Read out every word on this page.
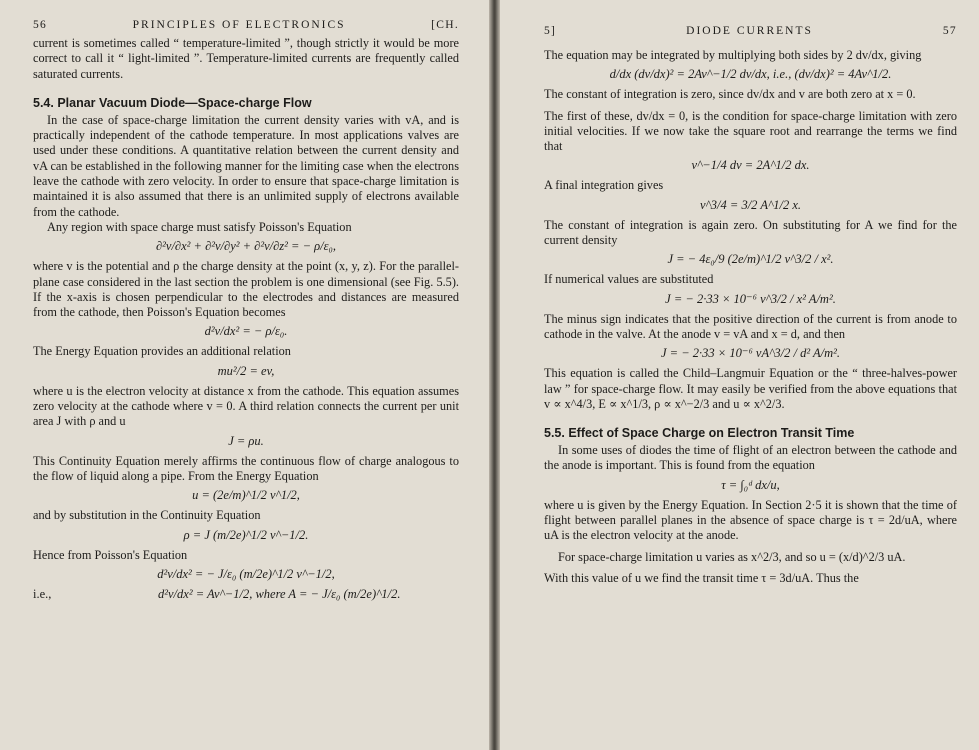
56	PRINCIPLES OF ELECTRONICS	[CH.

current is sometimes called “ temperature-limited ”, though strictly it would be more correct to call it “ light-limited ”. Temperature-limited currents are frequently called saturated currents.

5.4. Planar Vacuum Diode—Space-charge Flow

In the case of space-charge limitation the current density varies with vA, and is practically independent of the cathode temperature. In most applications valves are used under these conditions. A quantitative relation between the current density and vA can be established in the following manner for the limiting case when the electrons leave the cathode with zero velocity. In order to ensure that space-charge limitation is maintained it is also assumed that there is an unlimited supply of electrons available from the cathode.

Any region with space charge must satisfy Poisson's Equation

∂²v/∂x² + ∂²v/∂y² + ∂²v/∂z² = − ρ/ε₀,

where v is the potential and ρ the charge density at the point (x, y, z). For the parallel-plane case considered in the last section the problem is one dimensional (see Fig. 5.5). If the x-axis is chosen perpendicular to the electrodes and distances are measured from the cathode, then Poisson's Equation becomes

d²v/dx² = − ρ/ε₀.

The Energy Equation provides an additional relation

mu²/2 = ev,

where u is the electron velocity at distance x from the cathode. This equation assumes zero velocity at the cathode where v = 0. A third relation connects the current per unit area J with ρ and u

J = ρu.

This Continuity Equation merely affirms the continuous flow of charge analogous to the flow of liquid along a pipe. From the Energy Equation

u = (2e/m)^1/2 v^1/2,

and by substitution in the Continuity Equation

ρ = J (m/2e)^1/2 v^−1/2.

Hence from Poisson's Equation

d²v/dx² = − J/ε₀ (m/2e)^1/2 v^−1/2,
i.e.,	d²v/dx² = Av^−1/2, where A = − J/ε₀ (m/2e)^1/2.
5]	DIODE CURRENTS	57

The equation may be integrated by multiplying both sides by 2 dv/dx, giving

d/dx (dv/dx)² = 2Av^−1/2 dv/dx, i.e., (dv/dx)² = 4Av^1/2.

The constant of integration is zero, since dv/dx and v are both zero at x = 0.

The first of these, dv/dx = 0, is the condition for space-charge limitation with zero initial velocities. If we now take the square root and rearrange the terms we find that

v^−1/4 dv = 2A^1/2 dx.

A final integration gives

v^3/4 = 3/2 A^1/2 x.

The constant of integration is again zero. On substituting for A we find for the current density

J = − 4ε₀/9 (2e/m)^1/2 v^3/2 / x².

If numerical values are substituted

J = − 2·33 × 10⁻⁶ v^3/2 / x² A/m².

The minus sign indicates that the positive direction of the current is from anode to cathode in the valve. At the anode v = vA and x = d, and then

J = − 2·33 × 10⁻⁶ vA^3/2 / d² A/m².

This equation is called the Child–Langmuir Equation or the “ three-halves-power law ” for space-charge flow. It may easily be verified from the above equations that v ∝ x^4/3, E ∝ x^1/3, ρ ∝ x^−2/3 and u ∝ x^2/3.

5.5. Effect of Space Charge on Electron Transit Time

In some uses of diodes the time of flight of an electron between the cathode and the anode is important. This is found from the equation

τ = ∫₀ᵈ dx/u,

where u is given by the Energy Equation. In Section 2·5 it is shown that the time of flight between parallel planes in the absence of space charge is τ = 2d/uA, where uA is the electron velocity at the anode.

For space-charge limitation u varies as x^2/3, and so u = (x/d)^2/3 uA.

With this value of u we find the transit time τ = 3d/uA. Thus the
